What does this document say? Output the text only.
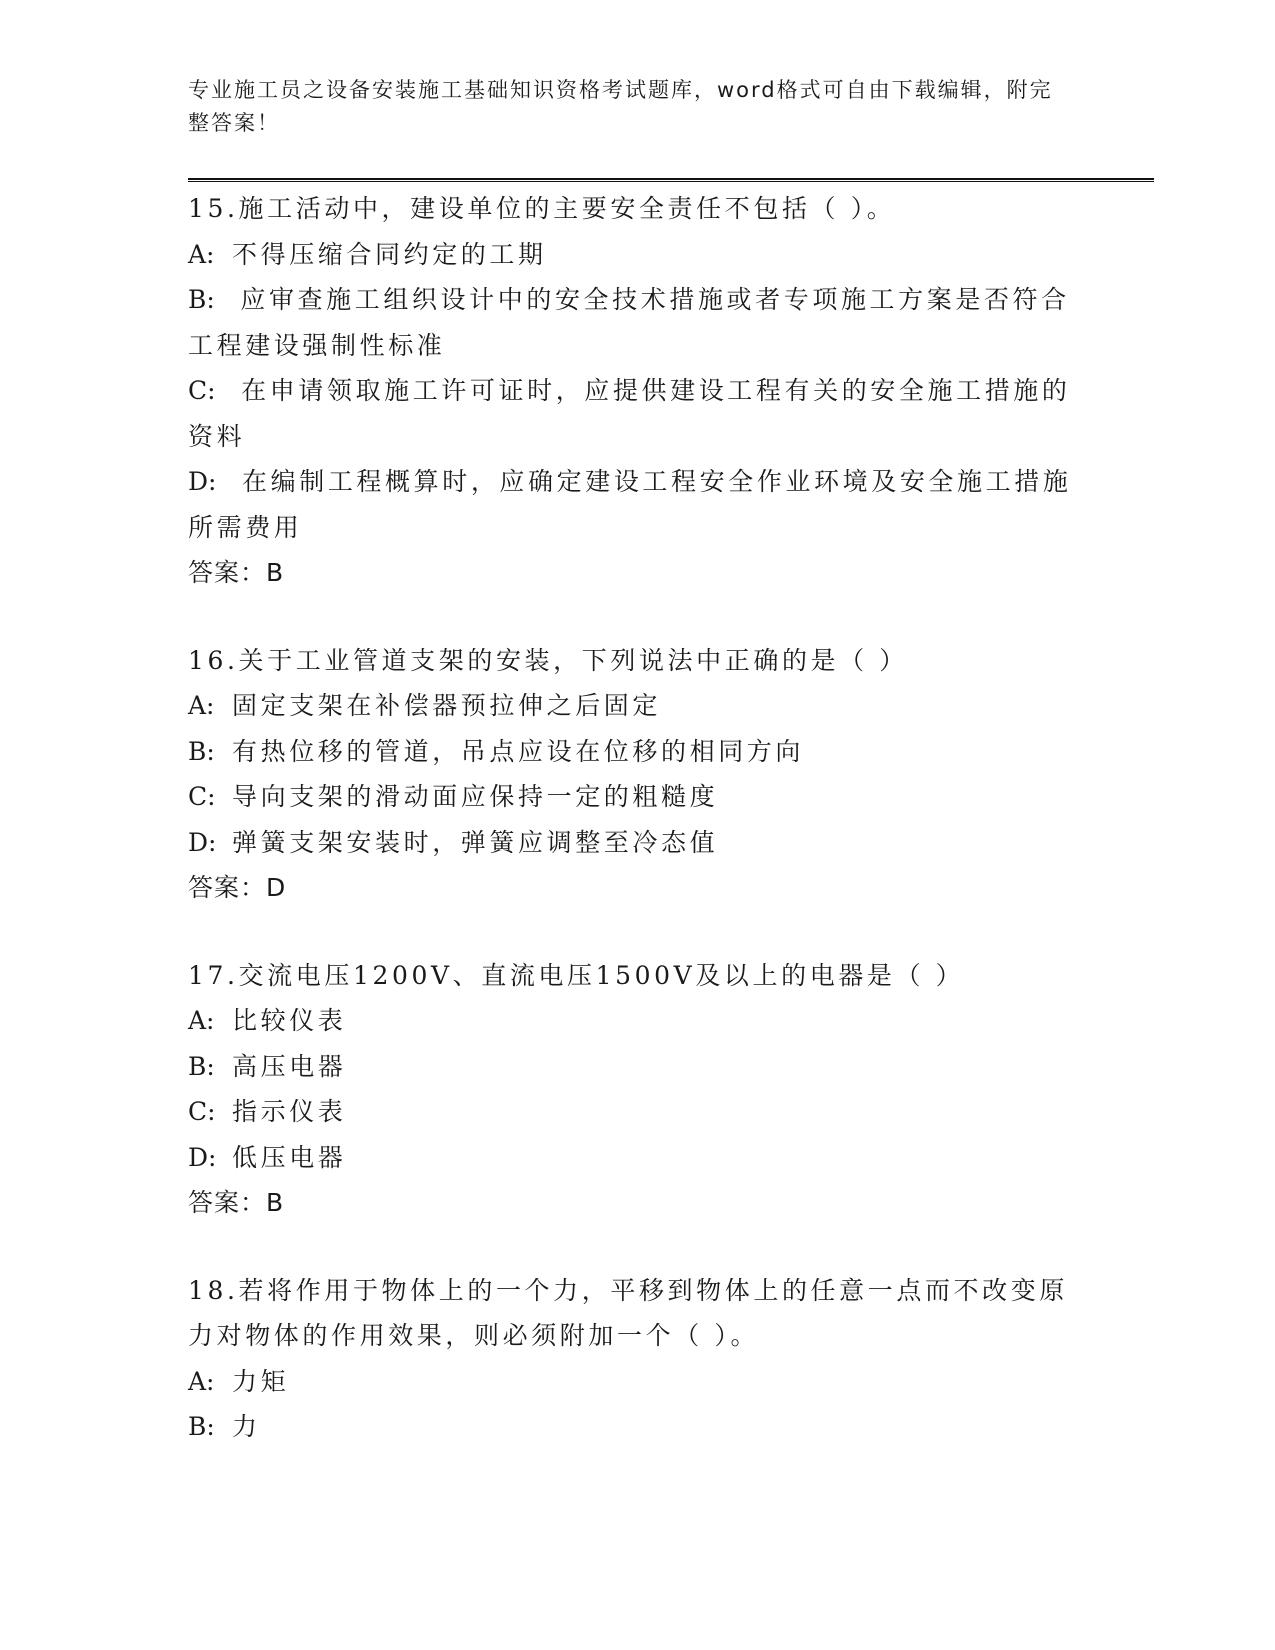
专业施工员之设备安装施工基础知识资格考试题库，word格式可自由下载编辑，附完整答案！
15.施工活动中，建设单位的主要安全责任不包括（ ）。
A: 不得压缩合同约定的工期
B: 应审查施工组织设计中的安全技术措施或者专项施工方案是否符合工程建设强制性标准
C: 在申请领取施工许可证时，应提供建设工程有关的安全施工措施的资料
D: 在编制工程概算时，应确定建设工程安全作业环境及安全施工措施所需费用
答案：B
16.关于工业管道支架的安装，下列说法中正确的是（ ）
A: 固定支架在补偿器预拉伸之后固定
B: 有热位移的管道，吊点应设在位移的相同方向
C: 导向支架的滑动面应保持一定的粗糙度
D: 弹簧支架安装时，弹簧应调整至冷态值
答案：D
17.交流电压1200V、直流电压1500V及以上的电器是（ ）
A: 比较仪表
B: 高压电器
C: 指示仪表
D: 低压电器
答案：B
18.若将作用于物体上的一个力，平移到物体上的任意一点而不改变原力对物体的作用效果，则必须附加一个（ ）。
A: 力矩
B: 力
